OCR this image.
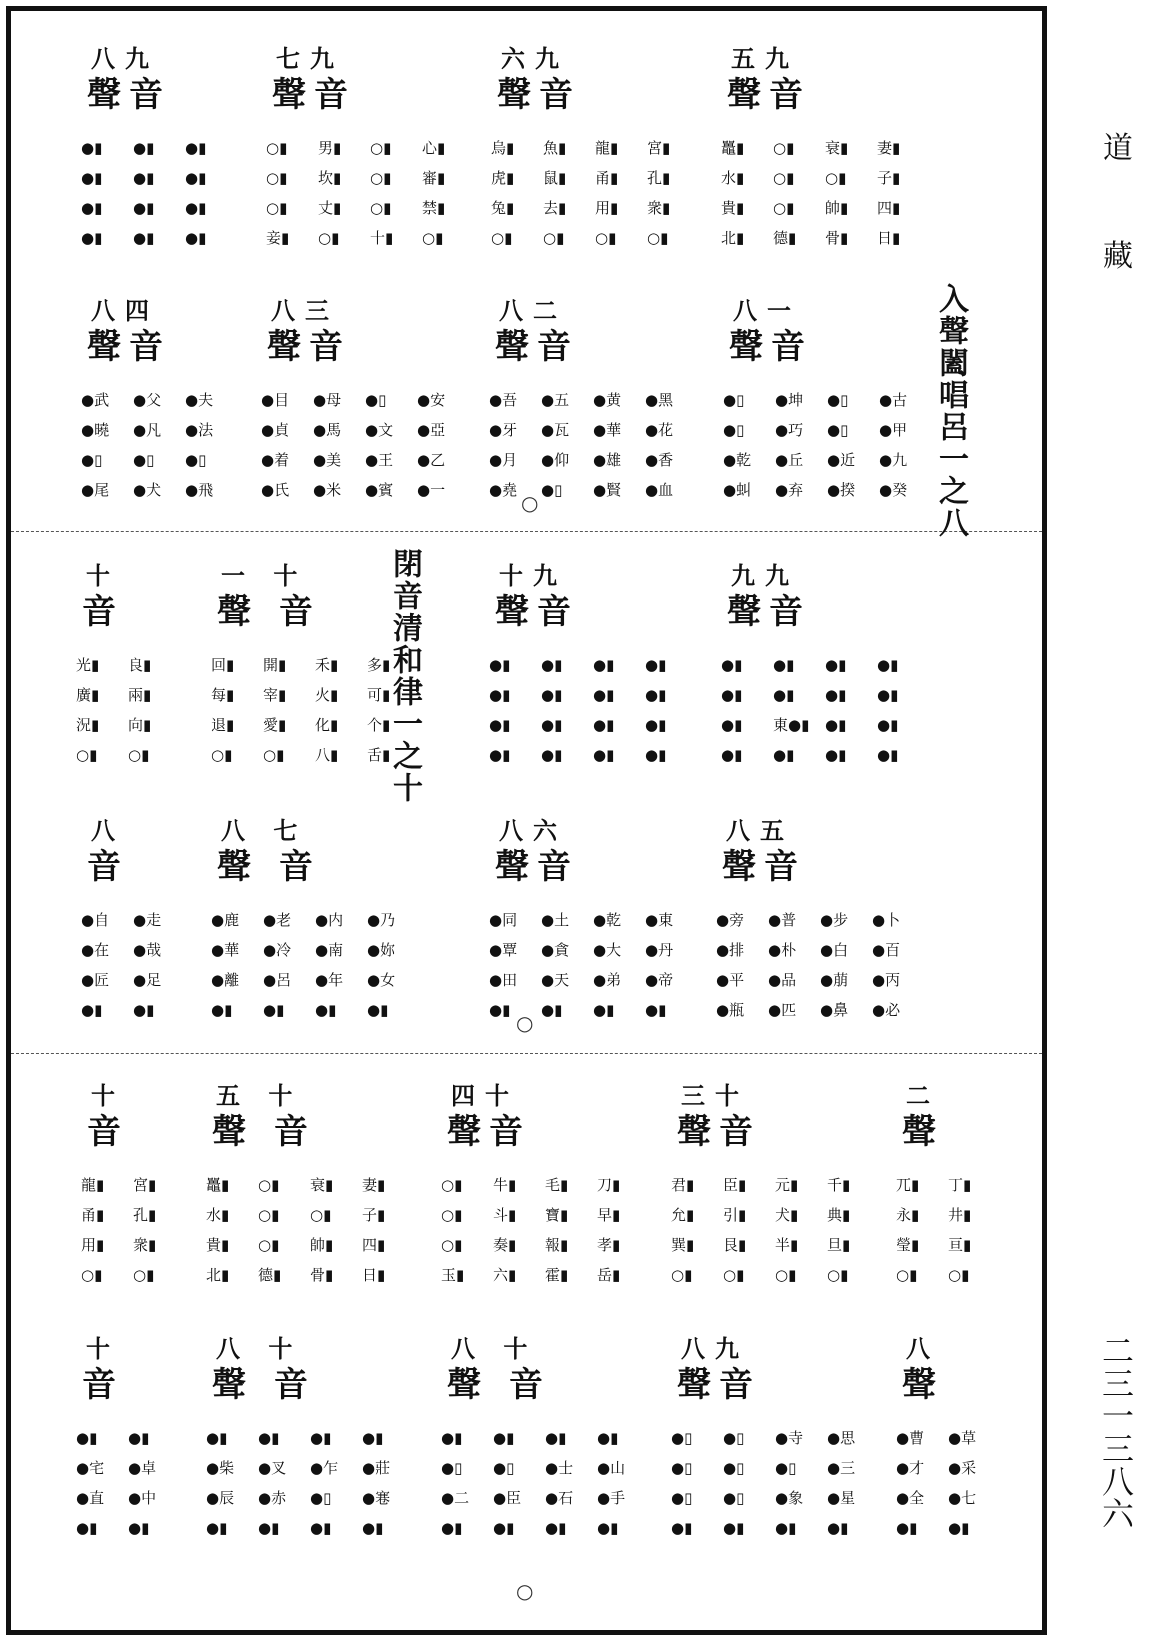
八九
聲音
●▮	●▮	●▮
●▮	●▮	●▮
●▮	●▮	●▮
●▮	●▮	●▮
七九
聲音
○▮	男▮	○▮	心▮
○▮	坎▮	○▮	審▮
○▮	丈▮	○▮	禁▮
妾▮	○▮	十▮	○▮
六九
聲音
烏▮	魚▮	龍▮	宮▮
虎▮	鼠▮	甬▮	孔▮
兔▮	去▮	用▮	衆▮
○▮	○▮	○▮	○▮
五九
聲音
鼉▮	○▮	衰▮	妻▮
水▮	○▮	○▮	子▮
貴▮	○▮	帥▮	四▮
北▮	德▮	骨▮	日▮
八四
聲音
●武	●父	●夫
●曉	●凡	●法
●▯	●▯	●▯
●尾	●犬	●飛
八三
聲音
●目	●母	●▯	●安
●貞	●馬	●文	●亞
●着	●美	●王	●乙
●氏	●米	●賓	●一
八二
聲音
●吾	●五	●黄	●黑
●牙	●瓦	●華	●花
●月	●仰	●雄	●香
●堯	●▯	●賢	●血
八一
聲音
●▯	●坤	●▯	●古
●▯	●巧	●▯	●甲
●乾	●丘	●近	●九
●虯	●弃	●揆	●癸
十
音
光▮	良▮
廣▮	兩▮
況▮	向▮
○▮	○▮
一 十
聲 音
回▮	開▮	禾▮	多▮
每▮	宰▮	火▮	可▮
退▮	愛▮	化▮	个▮
○▮	○▮	八▮	舌▮
十九
聲音
●▮	●▮	●▮	●▮
●▮	●▮	●▮	●▮
●▮	●▮	●▮	●▮
●▮	●▮	●▮	●▮
九九
聲音
●▮	●▮	●▮	●▮
●▮	●▮	●▮	●▮
●▮	東●▮	●▮	●▮
●▮	●▮	●▮	●▮
八
音
●自	●走
●在	●哉
●匠	●足
●▮	●▮
八 七
聲 音
●鹿	●老	●内	●乃
●華	●冷	●南	●妳
●離	●呂	●年	●女
●▮	●▮	●▮	●▮
八六
聲音
●同	●土	●乾	●東
●覃	●貪	●大	●丹
●田	●天	●弟	●帝
●▮	●▮	●▮	●▮
八五
聲音
●旁	●普	●步	●卜
●排	●朴	●白	●百
●平	●品	●萠	●丙
●瓶	●匹	●鼻	●必
十
音
龍▮	宮▮
甬▮	孔▮
用▮	衆▮
○▮	○▮
五 十
聲 音
鼉▮	○▮	衰▮	妻▮
水▮	○▮	○▮	子▮
貴▮	○▮	帥▮	四▮
北▮	德▮	骨▮	日▮
四十
聲音
○▮	牛▮	毛▮	刀▮
○▮	斗▮	寶▮	早▮
○▮	奏▮	報▮	孝▮
玉▮	六▮	霍▮	岳▮
三十
聲音
君▮	臣▮	元▮	千▮
允▮	引▮	犬▮	典▮
巽▮	艮▮	半▮	旦▮
○▮	○▮	○▮	○▮
二
聲
兀▮	丁▮
永▮	井▮
瑩▮	亘▮
○▮	○▮
十
音
●▮	●▮
●宅	●卓
●直	●中
●▮	●▮
八 十
聲 音
●▮	●▮	●▮	●▮
●柴	●叉	●乍	●莊
●辰	●赤	●▯	●寋
●▮	●▮	●▮	●▮
八 十
聲 音
●▮	●▮	●▮	●▮
●▯	●▯	●士	●山
●二	●臣	●石	●手
●▮	●▮	●▮	●▮
八九
聲音
●▯	●▯	●寺	●思
●▯	●▯	●▯	●三
●▯	●▯	●象	●星
●▮	●▮	●▮	●▮
八
聲
●曹	●草
●才	●采
●全	●七
●▮	●▮
入聲闔唱呂一之八
閉音清和律一之十
○
○
○
道
藏
二
三
一
三
八
六
